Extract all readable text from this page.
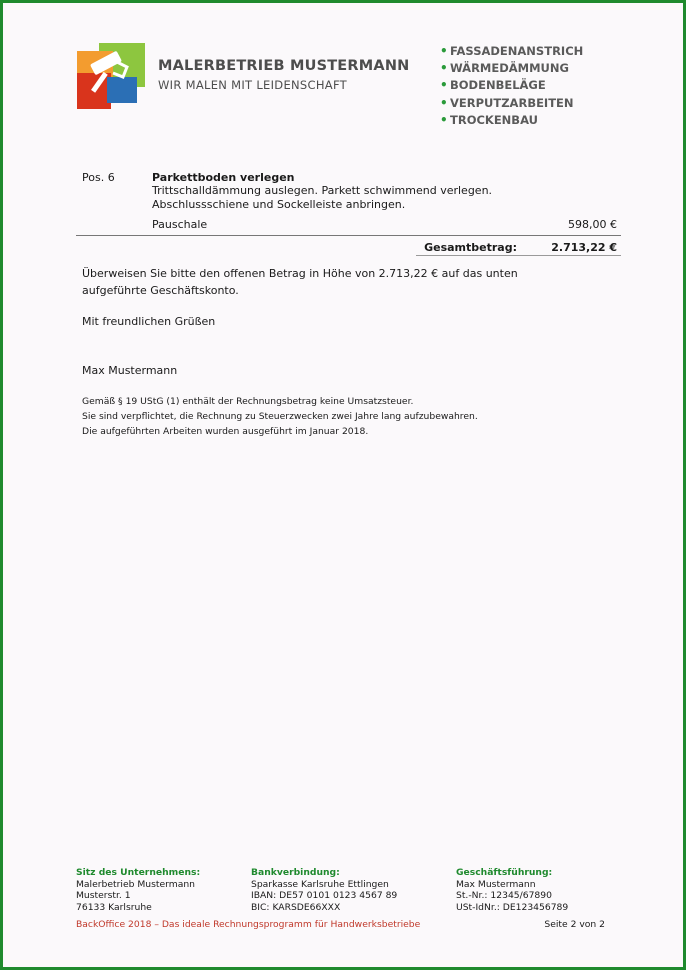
MALERBETRIEB MUSTERMANN
WIR MALEN MIT LEIDENSCHAFT
• FASSADENANSTRICH
• WÄRMEDÄMMUNG
• BODENBELÄGE
• VERPUTZARBEITEN
• TROCKENBAU
Pos. 6	Parkettboden verlegen
Trittschalldämmung auslegen. Parkett schwimmend verlegen.
Abschlussschiene und Sockelleiste anbringen.
Pauschale	598,00 €
Gesamtbetrag:	2.713,22 €
Überweisen Sie bitte den offenen Betrag in Höhe von 2.713,22 € auf das unten aufgeführte Geschäftskonto.
Mit freundlichen Grüßen
Max Mustermann
Gemäß § 19 UStG (1) enthält der Rechnungsbetrag keine Umsatzsteuer.
Sie sind verpflichtet, die Rechnung zu Steuerzwecken zwei Jahre lang aufzubewahren.
Die aufgeführten Arbeiten wurden ausgeführt im Januar 2018.
Sitz des Unternehmens:
Malerbetrieb Mustermann
Musterstr. 1
76133 Karlsruhe
Bankverbindung:
Sparkasse Karlsruhe Ettlingen
IBAN: DE57 0101 0123 4567 89
BIC: KARSDE66XXX
Geschäftsführung:
Max Mustermann
St.-Nr.: 12345/67890
USt-IdNr.: DE123456789
BackOffice 2018 – Das ideale Rechnungsprogramm für Handwerksbetriebe	Seite 2 von 2
